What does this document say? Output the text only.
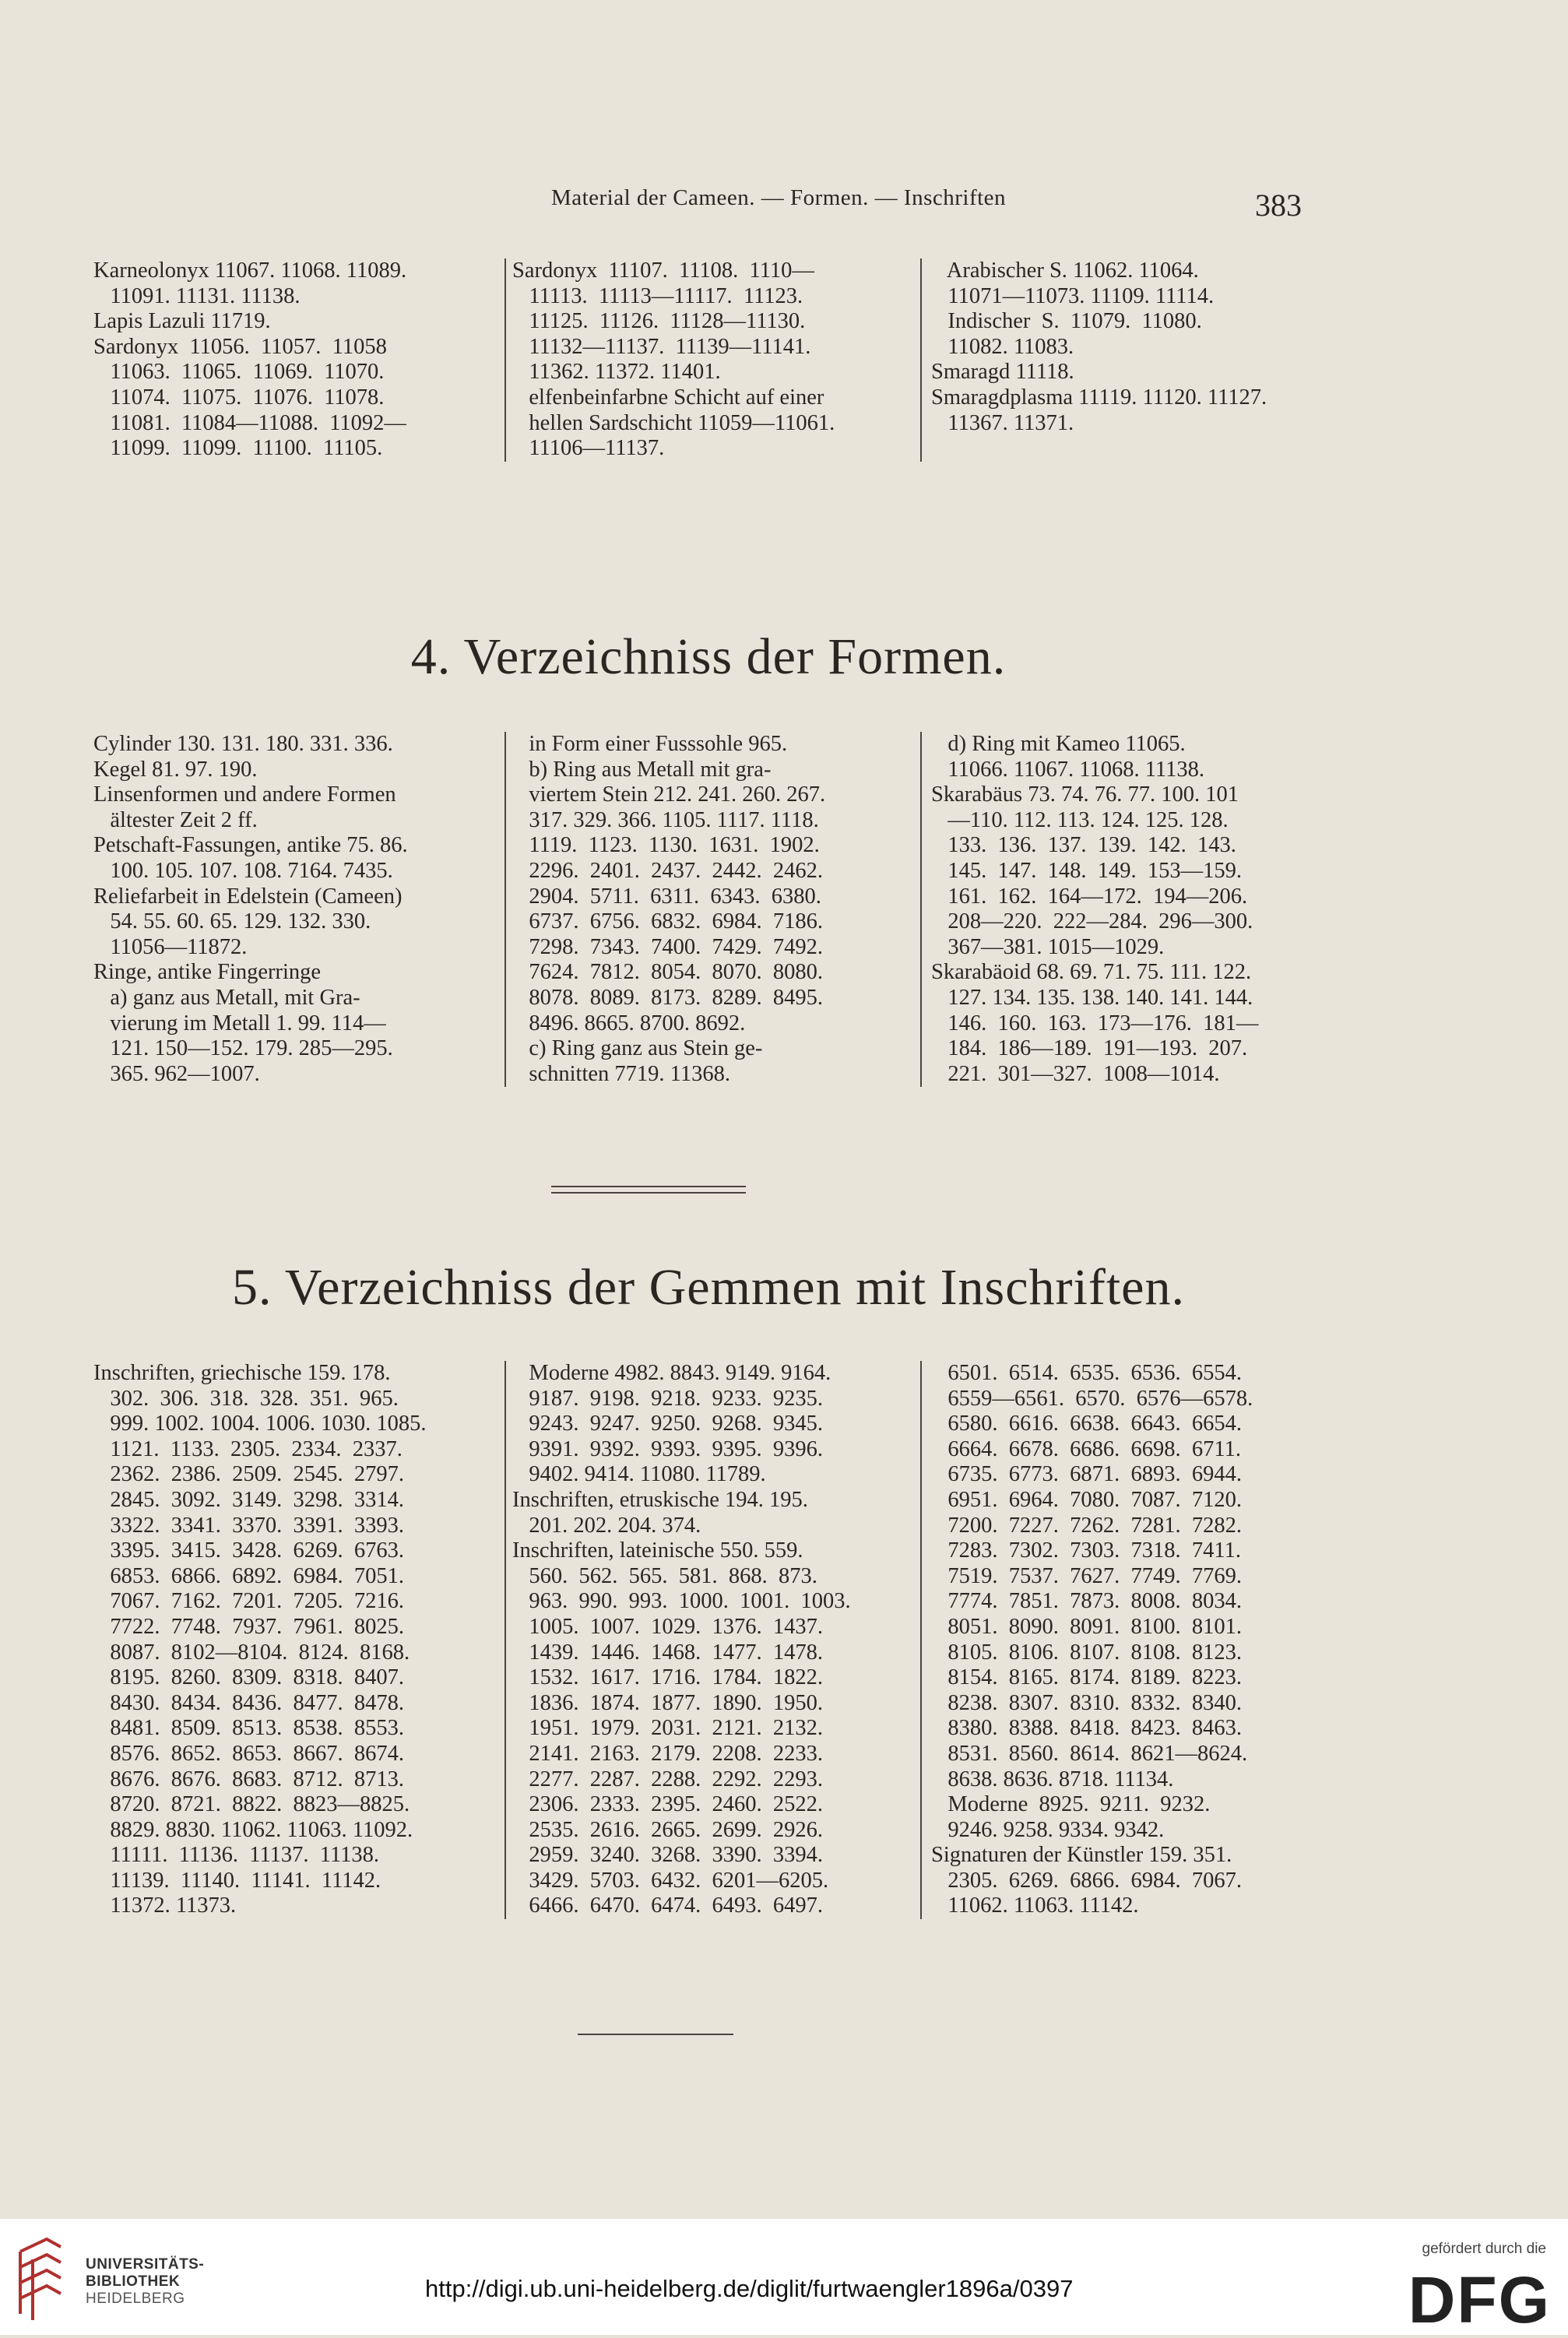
Material der Cameen. — Formen. — Inschriften	383

Karneolonyx 11067. 11068. 11089.

11091. 11131. 11138.

Lapis Lazuli 11719.

Sardonyx  11056.  11057.  11058

11063.  11065.  11069.  11070.

11074.  11075.  11076.  11078.

11081.  11084—11088.  11092—

11099.  11099.  11100.  11105.

Sardonyx  11107.  11108.  1110—

11113.  11113—11117.  11123.

11125.  11126.  11128—11130.

11132—11137.  11139—11141.

11362. 11372. 11401.

elfenbeinfarbne Schicht auf einer

hellen Sardschicht 11059—11061.

11106—11137.

Arabischer S. 11062. 11064.

11071—11073. 11109. 11114.

Indischer  S.  11079.  11080.

11082. 11083.

Smaragd 11118.

Smaragdplasma 11119. 11120. 11127.

11367. 11371.

4. Verzeichniss der Formen.

Cylinder 130. 131. 180. 331. 336.

Kegel 81. 97. 190.

Linsenformen und andere Formen

ältester Zeit 2 ff.

Petschaft-Fassungen, antike 75. 86.

100. 105. 107. 108. 7164. 7435.

Reliefarbeit in Edelstein (Cameen)

54. 55. 60. 65. 129. 132. 330.

11056—11872.

Ringe, antike Fingerringe

a) ganz aus Metall, mit Gra-

vierung im Metall 1. 99. 114—

121. 150—152. 179. 285—295.

365. 962—1007.

in Form einer Fusssohle 965.

b) Ring aus Metall mit gra-

viertem Stein 212. 241. 260. 267.

317. 329. 366. 1105. 1117. 1118.

1119.  1123.  1130.  1631.  1902.

2296.  2401.  2437.  2442.  2462.

2904.  5711.  6311.  6343.  6380.

6737.  6756.  6832.  6984.  7186.

7298.  7343.  7400.  7429.  7492.

7624.  7812.  8054.  8070.  8080.

8078.  8089.  8173.  8289.  8495.

8496. 8665. 8700. 8692.

c) Ring ganz aus Stein ge-

schnitten 7719. 11368.

d) Ring mit Kameo 11065.

11066. 11067. 11068. 11138.

Skarabäus 73. 74. 76. 77. 100. 101

—110. 112. 113. 124. 125. 128.

133.  136.  137.  139.  142.  143.

145.  147.  148.  149.  153—159.

161.  162.  164—172.  194—206.

208—220.  222—284.  296—300.

367—381. 1015—1029.

Skarabäoid 68. 69. 71. 75. 111. 122.

127. 134. 135. 138. 140. 141. 144.

146.  160.  163.  173—176.  181—

184.  186—189.  191—193.  207.

221.  301—327.  1008—1014.

5. Verzeichniss der Gemmen mit Inschriften.

Inschriften, griechische 159. 178.

302.  306.  318.  328.  351.  965.

999. 1002. 1004. 1006. 1030. 1085.

1121.  1133.  2305.  2334.  2337.

2362.  2386.  2509.  2545.  2797.

2845.  3092.  3149.  3298.  3314.

3322.  3341.  3370.  3391.  3393.

3395.  3415.  3428.  6269.  6763.

6853.  6866.  6892.  6984.  7051.

7067.  7162.  7201.  7205.  7216.

7722.  7748.  7937.  7961.  8025.

8087.  8102—8104.  8124.  8168.

8195.  8260.  8309.  8318.  8407.

8430.  8434.  8436.  8477.  8478.

8481.  8509.  8513.  8538.  8553.

8576.  8652.  8653.  8667.  8674.

8676.  8676.  8683.  8712.  8713.

8720.  8721.  8822.  8823—8825.

8829. 8830. 11062. 11063. 11092.

11111.  11136.  11137.  11138.

11139.  11140.  11141.  11142.

11372. 11373.

Moderne 4982. 8843. 9149. 9164.

9187.  9198.  9218.  9233.  9235.

9243.  9247.  9250.  9268.  9345.

9391.  9392.  9393.  9395.  9396.

9402. 9414. 11080. 11789.

Inschriften, etruskische 194. 195.

201. 202. 204. 374.

Inschriften, lateinische 550. 559.

560.  562.  565.  581.  868.  873.

963.  990.  993.  1000.  1001.  1003.

1005.  1007.  1029.  1376.  1437.

1439.  1446.  1468.  1477.  1478.

1532.  1617.  1716.  1784.  1822.

1836.  1874.  1877.  1890.  1950.

1951.  1979.  2031.  2121.  2132.

2141.  2163.  2179.  2208.  2233.

2277.  2287.  2288.  2292.  2293.

2306.  2333.  2395.  2460.  2522.

2535.  2616.  2665.  2699.  2926.

2959.  3240.  3268.  3390.  3394.

3429.  5703.  6432.  6201—6205.

6466.  6470.  6474.  6493.  6497.

6501.  6514.  6535.  6536.  6554.

6559—6561.  6570.  6576—6578.

6580.  6616.  6638.  6643.  6654.

6664.  6678.  6686.  6698.  6711.

6735.  6773.  6871.  6893.  6944.

6951.  6964.  7080.  7087.  7120.

7200.  7227.  7262.  7281.  7282.

7283.  7302.  7303.  7318.  7411.

7519.  7537.  7627.  7749.  7769.

7774.  7851.  7873.  8008.  8034.

8051.  8090.  8091.  8100.  8101.

8105.  8106.  8107.  8108.  8123.

8154.  8165.  8174.  8189.  8223.

8238.  8307.  8310.  8332.  8340.

8380.  8388.  8418.  8423.  8463.

8531.  8560.  8614.  8621—8624.

8638. 8636. 8718. 11134.

Moderne  8925.  9211.  9232.

9246. 9258. 9334. 9342.

Signaturen der Künstler 159. 351.

2305.  6269.  6866.  6984.  7067.

11062. 11063. 11142.

UNIVERSITÄTS-
BIBLIOTHEK
HEIDELBERG	http://digi.ub.uni-heidelberg.de/diglit/furtwaengler1896a/0397
gefördert durch die
DFG
